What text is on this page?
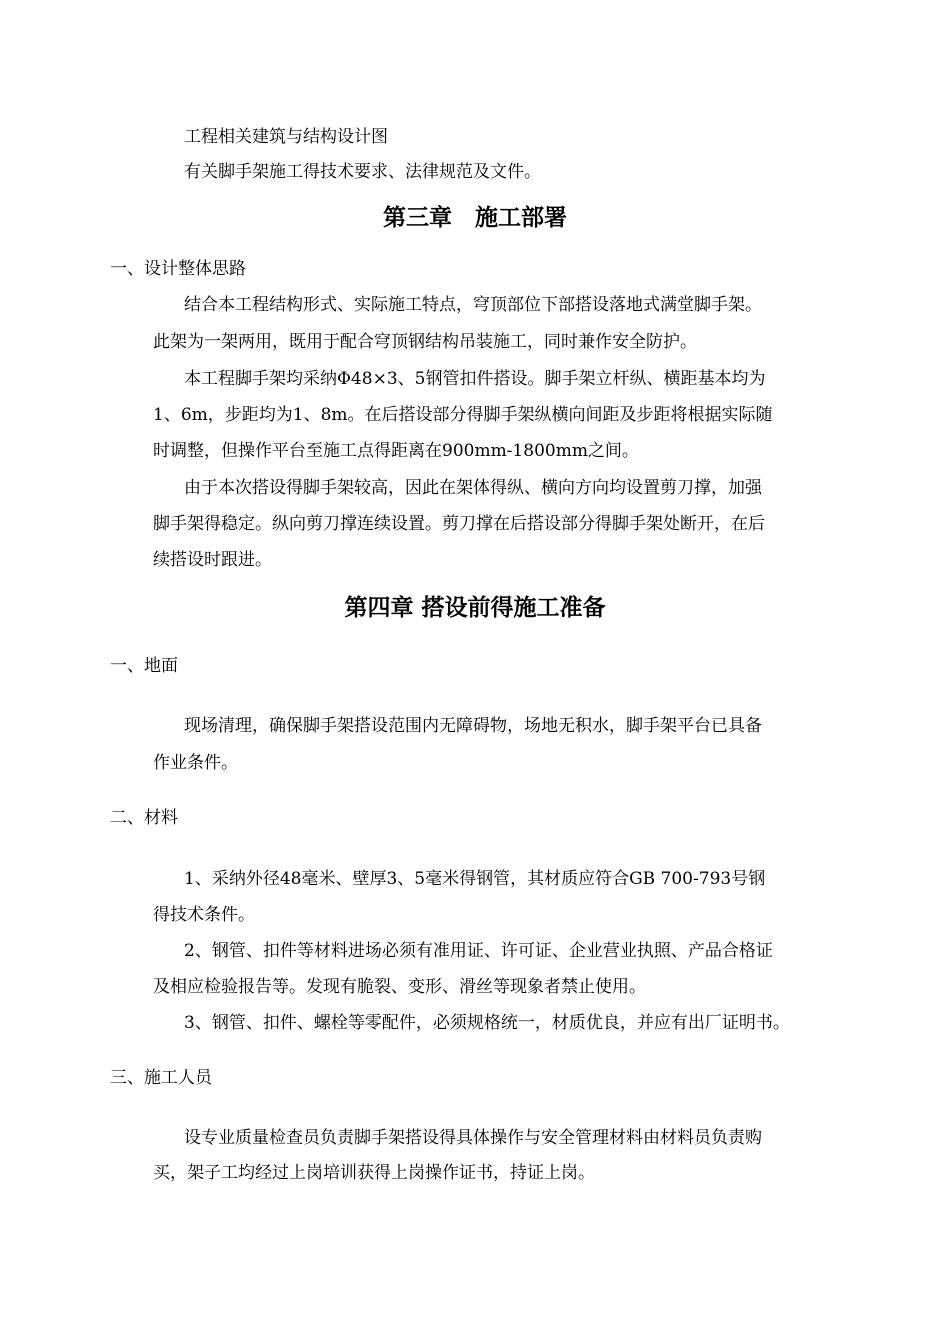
工程相关建筑与结构设计图
有关脚手架施工得技术要求、法律规范及文件。
第三章　施工部署
一、设计整体思路
结合本工程结构形式、实际施工特点，穹顶部位下部搭设落地式满堂脚手架。
此架为一架两用，既用于配合穹顶钢结构吊装施工，同时兼作安全防护。
本工程脚手架均采纳Φ48×3、5钢管扣件搭设。脚手架立杆纵、横距基本均为
1、6m，步距均为1、8m。在后搭设部分得脚手架纵横向间距及步距将根据实际随
时调整，但操作平台至施工点得距离在900mm-1800mm之间。
由于本次搭设得脚手架较高，因此在架体得纵、横向方向均设置剪刀撑，加强
脚手架得稳定。纵向剪刀撑连续设置。剪刀撑在后搭设部分得脚手架处断开，在后
续搭设时跟进。
第四章 搭设前得施工准备
一、地面
现场清理，确保脚手架搭设范围内无障碍物，场地无积水，脚手架平台已具备
作业条件。
二、材料
1、采纳外径48毫米、壁厚3、5毫米得钢管，其材质应符合GB 700-793号钢
得技术条件。
2、钢管、扣件等材料进场必须有准用证、许可证、企业营业执照、产品合格证
及相应检验报告等。发现有脆裂、变形、滑丝等现象者禁止使用。
3、钢管、扣件、螺栓等零配件，必须规格统一，材质优良，并应有出厂证明书。
三、施工人员
设专业质量检查员负责脚手架搭设得具体操作与安全管理材料由材料员负责购
买，架子工均经过上岗培训获得上岗操作证书，持证上岗。
